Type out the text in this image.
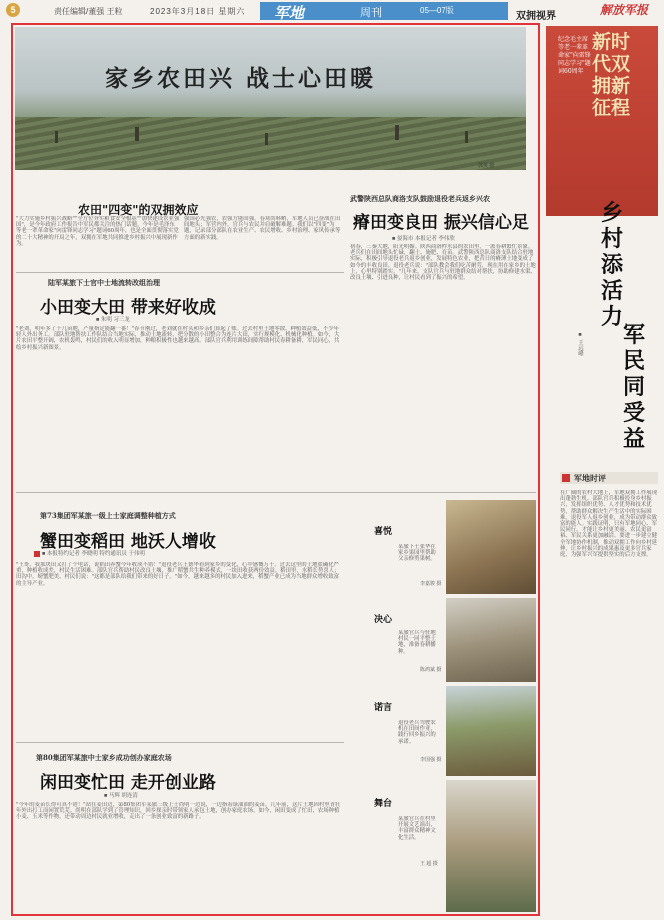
5	责任编辑/董强 王粒	2023年3月18日 星期六 军地	周刊	05—07版
双拥视界	解放军报
家乡农田兴 战士心田暖
郭英 摄
农田"四变"的双拥效应
"大力实施乡村振兴战略""全方位夯实粮食安全根基""加快建设农业强国"，是今年政府工作报告中军民都关注的热门话题。今年是毛泽东等老一辈革命家"向雷锋同志学习"题词60周年，也是全面贯彻落实党的二十大精神的开局之年，双拥在军地共同推进乡村振兴中展现新作为。
强国必先强农，农强方能国强。春寒尚料峭，军地人员已奋战在田间地头；军营内外，官兵与农民并肩破解难题。我们以"四变"为题，记录部分部队在农业生产、农民增收、乡村治理、家风传承等方面的新实践。
武警陕西总队商洛支队鼓励退役老兵返乡兴农
瘠田变良田 振兴信心足
■ 晏海市 本报记者 李伟欣
初春，三秦大地，阳光明媚。陕西商洛柞水县的农田里，一派春耕繁忙景象。老兵们在田间地头忙碌，翻土、施肥、育苗。武警陕西总队商洛支队结合驻地实际，积极引导退役老兵返乡创业，发展特色农业，把昔日的瘠薄土地变成了如今的丰收良田。退役老兵说："部队教会我们吃苦耐劳，现在用在家乡的土地上，心里特别踏实。"几年来，支队官兵与驻地群众结对帮扶，协助修建水渠、改良土壤、引进良种，让村民看到了振兴的希望。
陆军某旅下士官中士地流转改组治理
小田变大田 带来好收成
■ 朱明 习三龙
"老刘，明年多了十几亩地，产量指定能翻一番！"春节刚过，老刘就在村头和乡亲们算起了账。过去村里土地零散，种植效益低，不少年轻人外出务工。部队驻地帮扶工作队结合当地实际，推动土地流转，把分散的小田整合为连片大田，实行规模化、机械化种植。如今，大片农田平整开阔，农机轰鸣，村民们的收入明显增加，种粮积极性也越来越高。部队官兵利用训练间隙帮助村民春耕备耕，军民同心，共绘乡村振兴新图景。
第73集团军某旅一级上士家庭调整种植方式
蟹田变稻田 地沃人增收
■ 本报特约记者 李晓明 特约通讯员 于伟明
"王哥，我那块田又打了个电话，说稻田养蟹今年收成不错！"退役老兵王德华看到家乡的变化，心中感慨万千。过去这里的土地盐碱化严重，种植收成差，村民生活困难。部队官兵帮助村民改良土壤，推广稻蟹共生种养模式，一块田收获两份效益。稻田里，水稻长势喜人；田沟中，螃蟹肥美。村民们说："这都是部队给我们带来的好日子。"如今，越来越多的村民加入进来，稻蟹产业已成为当地群众增收致富的主导产业。
第80集团军某旅中士家乡成功创办家庭农场
闲田变忙田 走开创业路
■ 马辉 胡连清
"今年的麦苗长得可真不错！"站在麦田边，第80集团军某旅三级上士尚明一边说，一边指着绿油油的麦苗。几年前，这片土地因村里青壮年外出打工而闲置荒芜。尚明在部队学到了管理知识，回乡探亲时带领家人承包土地，创办家庭农场。如今，闲田变成了忙田，农场种植小麦、玉米等作物，还带动周边村民就业增收，走出了一条创业致富的新路子。
喜悦
某旅下士张华在家乡果园里帮助父亲修剪果树。
李嘉骏 摄
决心
某旅官兵与驻地村民一同平整土地，准备春耕播种。
陈鸿斌 摄
诺言
退役老兵驾驶农机在田间作业，践行回乡振兴的承诺。
李国强 摄
舞台
某旅官兵在村里开展文艺演出，丰富群众精神文化生活。
王 超 摄
纪念毛主席等老一辈革命家"向雷锋同志学习"题词60周年
新时代双拥新征程
乡村添活力
军民同受益
■ 王远峰
军地时评
在广阔的农村大地上，军地双拥工作展现出蓬勃生机。部队官兵积极投身乡村振兴，发挥组织优势、人才优势和技术优势，帮助群众解决生产生活中的实际困难。退役军人返乡创业，成为带动群众致富的能人。实践证明，只有军地同心、军民同行，才能让乡村更美丽、农民更富裕、军民关系更加融洽。要进一步建立健全军地协作机制，推动双拥工作向乡村延伸，让乡村振兴的成果惠及更多官兵家庭，为强军兴军提供坚实的后方支撑。
